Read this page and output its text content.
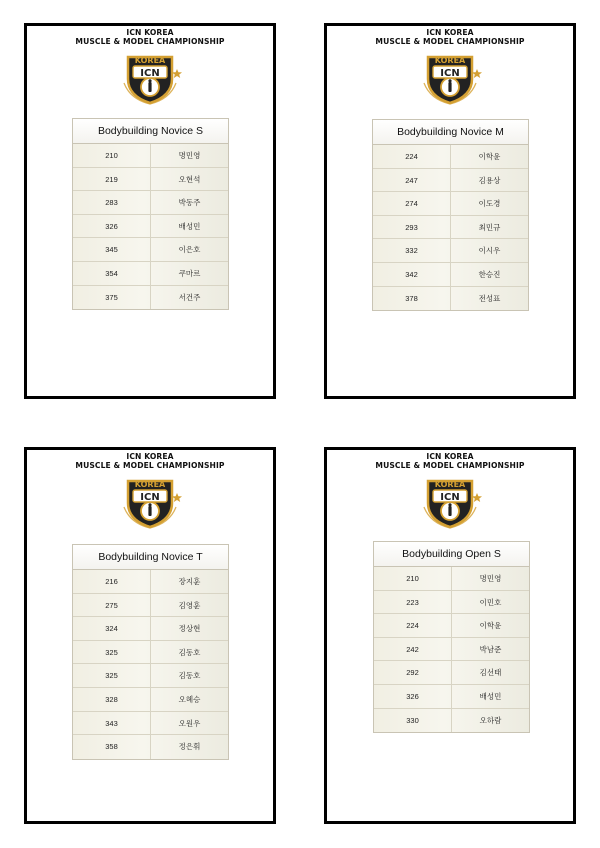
ICN KOREA
MUSCLE & MODEL CHAMPIONSHIP
KOREA
ICN
Bodybuilding Novice S
210	명민영
219	오현석
283	박동주
326	배성민
345	이은호
354	쿠마르
375	서건주
ICN KOREA
MUSCLE & MODEL CHAMPIONSHIP
KOREA
ICN
Bodybuilding Novice M
224	이학윤
247	김용상
274	이도경
293	최민규
332	이시우
342	한승진
378	전성표
ICN KOREA
MUSCLE & MODEL CHAMPIONSHIP
KOREA
ICN
Bodybuilding Novice T
216	장지훈
275	김영훈
324	정상현
325	김동호
325	김동호
328	오혜승
343	오원우
358	정은휘
ICN KOREA
MUSCLE & MODEL CHAMPIONSHIP
KOREA
ICN
Bodybuilding Open S
210	명민영
223	이민호
224	이학윤
242	박남준
292	김선태
326	배성민
330	오하람
